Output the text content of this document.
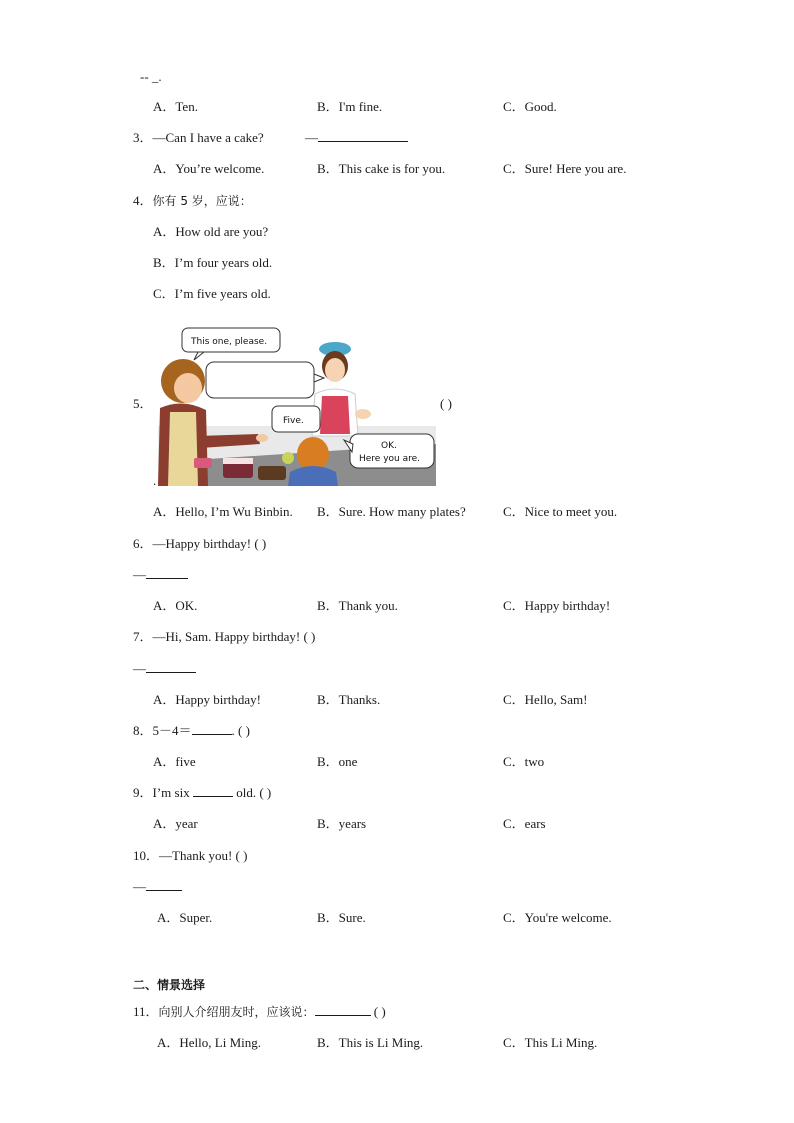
-- _.
A．Ten.	B．I'm fine.	C．Good.
3．—Can I have a cake?	—
A．You’re welcome.	B．This cake is for you.	C．Sure! Here you are.
4．你有 5 岁，应说：
A．How old are you?
B．I’m four years old.
C．I’m five years old.
5．
.
( )
This one, please.
Five.
OK.
Here you are.
A．Hello, I’m Wu Binbin. B．Sure. How many plates?	C．Nice to meet you.
6．—Happy birthday! ( )
—
A．OK.	B．Thank you.	C．Happy birthday!
7．—Hi, Sam. Happy birthday! ( )
—
A．Happy birthday!	B．Thanks.	C．Hello, Sam!
8．5－4＝	. ( )
A．five	B．one	C．two
9．I’m six	old. ( )
A．year	B．years	C．ears
10．—Thank you! ( )
—
A．Super.	B．Sure.	C．You're welcome.
二、情景选择
11．向别人介绍朋友时，应该说：	( )
A．Hello, Li Ming.	B．This is Li Ming.	C．This Li Ming.
